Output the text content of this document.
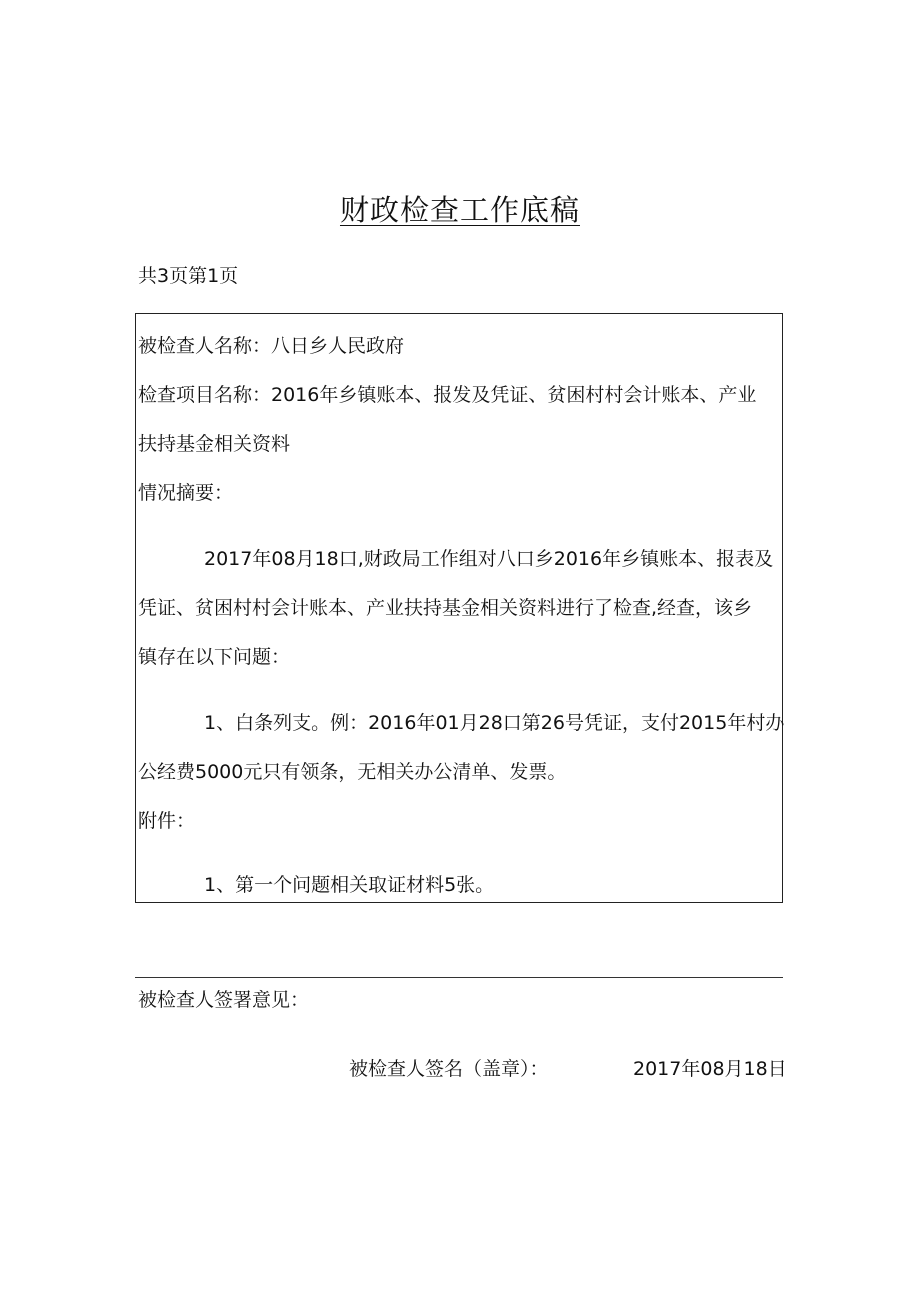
财政检查工作底稿
共3页第1页
被检查人名称：八日乡人民政府
检查项目名称：2016年乡镇账本、报发及凭证、贫困村村会计账本、产业
扶持基金相关资料
情况摘要：
2017年08月18口,财政局工作组对八口乡2016年乡镇账本、报表及
凭证、贫困村村会计账本、产业扶持基金相关资料进行了检查,经查，该乡
镇存在以下问题：
1、白条列支。例：2016年01月28口第26号凭证，支付2015年村办
公经费5000元只有领条，无相关办公清单、发票。
附件：
1、第一个问题相关取证材料5张。
被检查人签署意见：
被检查人签名（盖章）：	2017年08月18日
